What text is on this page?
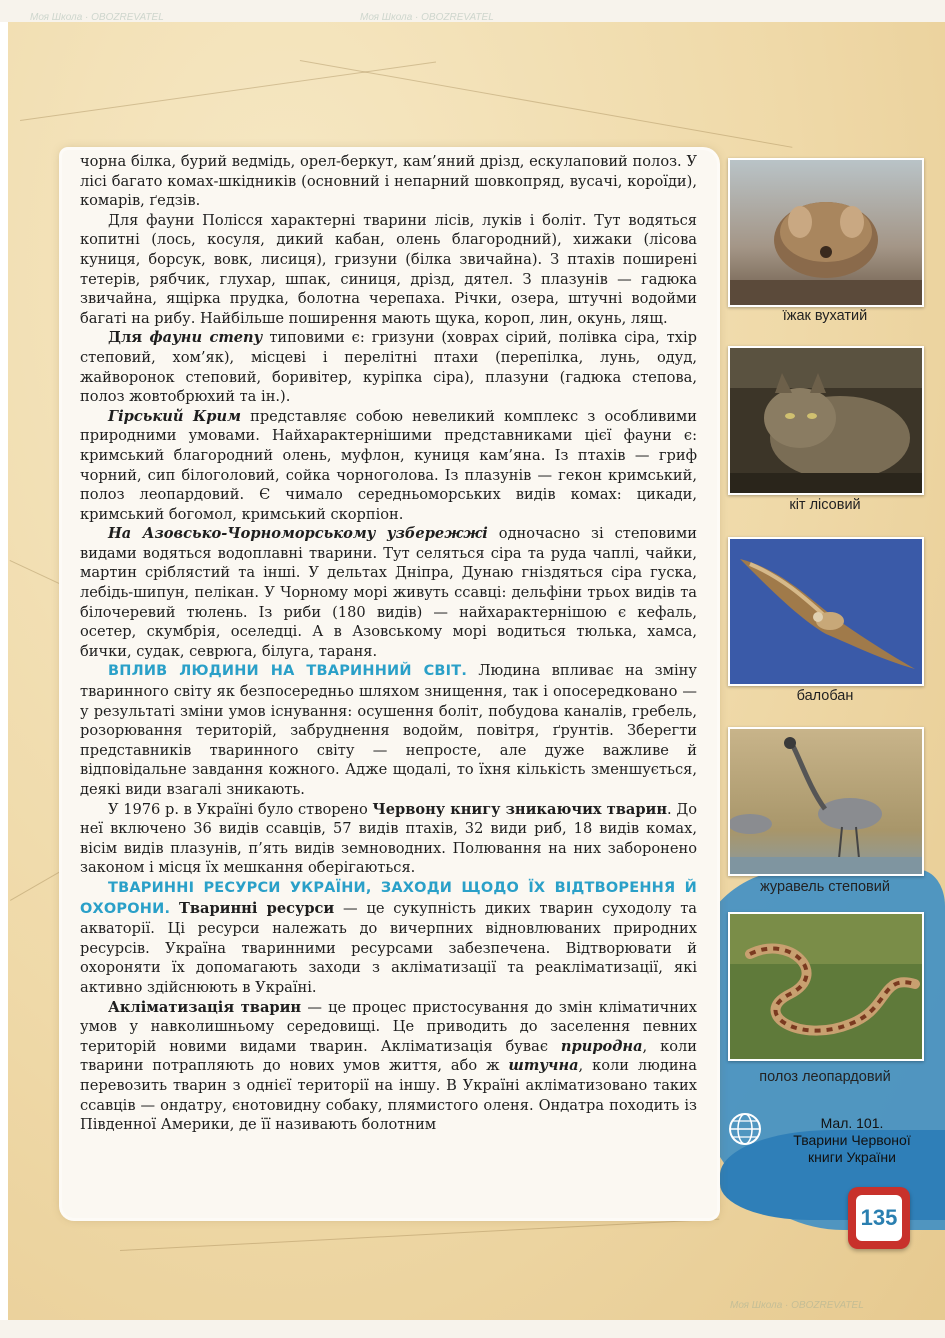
Моя Школа · OBOZREVATEL	Моя Школа · OBOZREVATEL
Моя Школа · OBOZREVATEL

чорна білка, бурий ведмідь, орел-беркут, кам’яний дрізд, ескулаповий полоз. У лісі багато комах-шкідників (основний і непарний шовкопряд, вусачі, короїди), комарів, ґедзів.

Для фауни Полісся характерні тварини лісів, луків і боліт. Тут водяться копитні (лось, косуля, дикий кабан, олень благородний), хижаки (лісова куниця, борсук, вовк, лисиця), гризуни (білка звичайна). З птахів поширені тетерів, рябчик, глухар, шпак, синиця, дрізд, дятел. З плазунів — гадюка звичайна, ящірка прудка, болотна черепаха. Річки, озера, штучні водойми багаті на рибу. Найбільше поширення мають щука, короп, лин, окунь, лящ.

Для фауни степу типовими є: гризуни (ховрах сірий, полівка сіра, тхір степовий, хом’як), місцеві і перелітні птахи (перепілка, лунь, одуд, жайворонок степовий, боривітер, куріпка сіра), плазуни (гадюка степова, полоз жовтобрюхий та ін.).

Гірський Крим представляє собою невеликий комплекс з особливими природними умовами. Найхарактернішими представниками цієї фауни є: кримський благородний олень, муфлон, куниця кам’яна. Із птахів — гриф чорний, сип білоголовий, сойка чорноголова. Із плазунів — гекон кримський, полоз леопардовий. Є чимало середньоморських видів комах: цикади, кримський богомол, кримський скорпіон.

На Азовсько-Чорноморському узбережжі одночасно зі степовими видами водяться водоплавні тварини. Тут селяться сіра та руда чаплі, чайки, мартин сріблястий та інші. У дельтах Дніпра, Дунаю гніздяться сіра гуска, лебідь-шипун, пелікан. У Чорному морі живуть ссавці: дельфіни трьох видів та білочеревий тюлень. Із риби (180 видів) — найхарактернішою є кефаль, осетер, скумбрія, оселедці. А в Азовському морі водиться тюлька, хамса, бички, судак, севрюга, білуга, тараня.

ВПЛИВ ЛЮДИНИ НА ТВАРИННИЙ СВІТ. Людина впливає на зміну тваринного світу як безпосередньо шляхом знищення, так і опосередковано — у результаті зміни умов існування: осушення боліт, побудова каналів, гребель, розорювання територій, забруднення водойм, повітря, ґрунтів. Зберегти представників тваринного світу — непросте, але дуже важливе й відповідальне завдання кожного. Адже щодалі, то їхня кількість зменшується, деякі види взагалі зникають.

У 1976 р. в Україні було створено Червону книгу зникаючих тварин. До неї включено 36 видів ссавців, 57 видів птахів, 32 види риб, 18 видів комах, вісім видів плазунів, п’ять видів земноводних. Полювання на них заборонено законом і місця їх мешкання оберігаються.

ТВАРИННІ РЕСУРСИ УКРАЇНИ, ЗАХОДИ ЩОДО ЇХ ВІДТВОРЕННЯ Й ОХОРОНИ. Тваринні ресурси — це сукупність диких тварин суходолу та акваторії. Ці ресурси належать до вичерпних відновлюваних природних ресурсів. Україна тваринними ресурсами забезпечена. Відтворювати й охороняти їх допомагають заходи з акліматизації та реакліматизації, які активно здійснюють в Україні.

Акліматизація тварин — це процес пристосування до змін кліматичних умов у навколишньому середовищі. Це приводить до заселення певних територій новими видами тварин. Акліматизація буває природна, коли тварини потрапляють до нових умов життя, або ж штучна, коли людина перевозить тварин з однієї території на іншу. В Україні акліматизовано таких ссавців — ондатру, єнотовидну собаку, плямистого оленя. Ондатра походить із Південної Америки, де її називають болотним

їжак вухатий
кіт лісовий
балобан
журавель степовий
полоз леопардовий
Мал. 101.
Тварини Червоної
книги України
135
